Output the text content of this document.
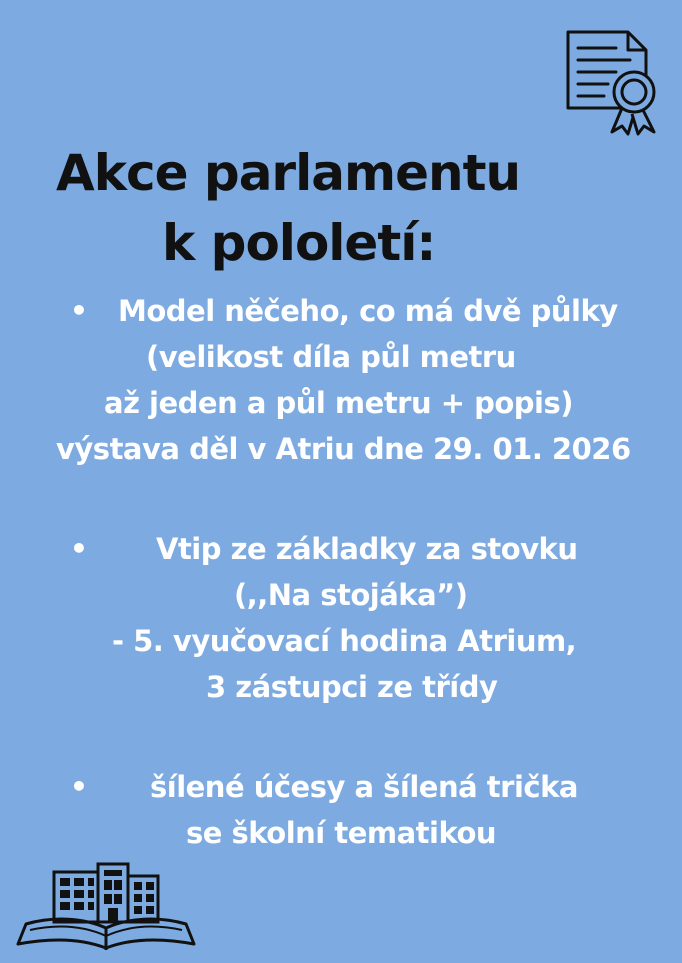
Akce parlamentu
k pololetí:
• Model něčeho, co má dvě půlky
(velikost díla půl metru
až jeden a půl metru + popis)
výstava děl v Atriu dne 29. 01. 2026
• Vtip ze základky za stovku
(,,Na stojáka”)
- 5. vyučovací hodina Atrium,
3 zástupci ze třídy
• šílené účesy a šílená trička
se školní tematikou
